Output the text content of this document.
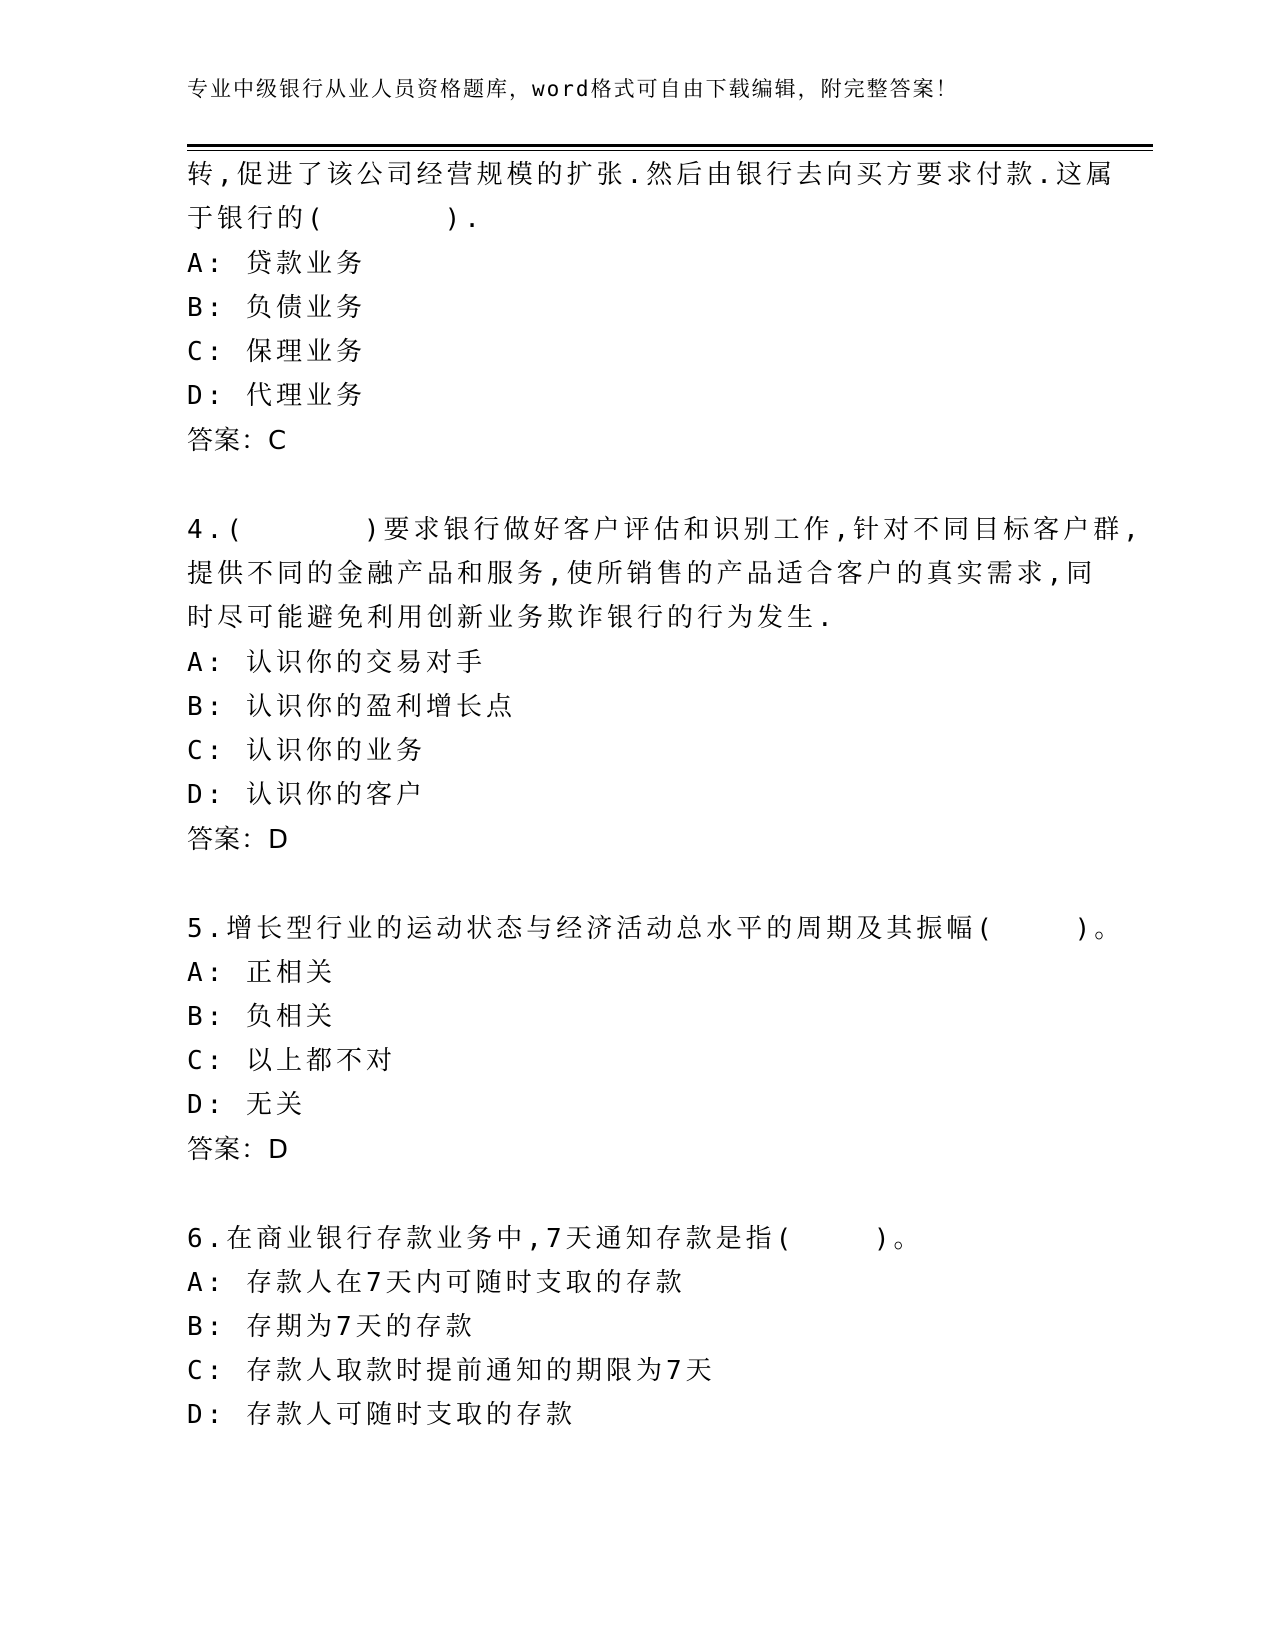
专业中级银行从业人员资格题库，word格式可自由下载编辑，附完整答案！
转,促进了该公司经营规模的扩张.然后由银行去向买方要求付款.这属
于银行的(      ).
A: 贷款业务
B: 负债业务
C: 保理业务
D: 代理业务
答案：C
4.(      )要求银行做好客户评估和识别工作,针对不同目标客户群,
提供不同的金融产品和服务,使所销售的产品适合客户的真实需求,同
时尽可能避免利用创新业务欺诈银行的行为发生.
A: 认识你的交易对手
B: 认识你的盈利增长点
C: 认识你的业务
D: 认识你的客户
答案：D
5.增长型行业的运动状态与经济活动总水平的周期及其振幅(    )。
A: 正相关
B: 负相关
C: 以上都不对
D: 无关
答案：D
6.在商业银行存款业务中,7天通知存款是指(    )。
A: 存款人在7天内可随时支取的存款
B: 存期为7天的存款
C: 存款人取款时提前通知的期限为7天
D: 存款人可随时支取的存款
